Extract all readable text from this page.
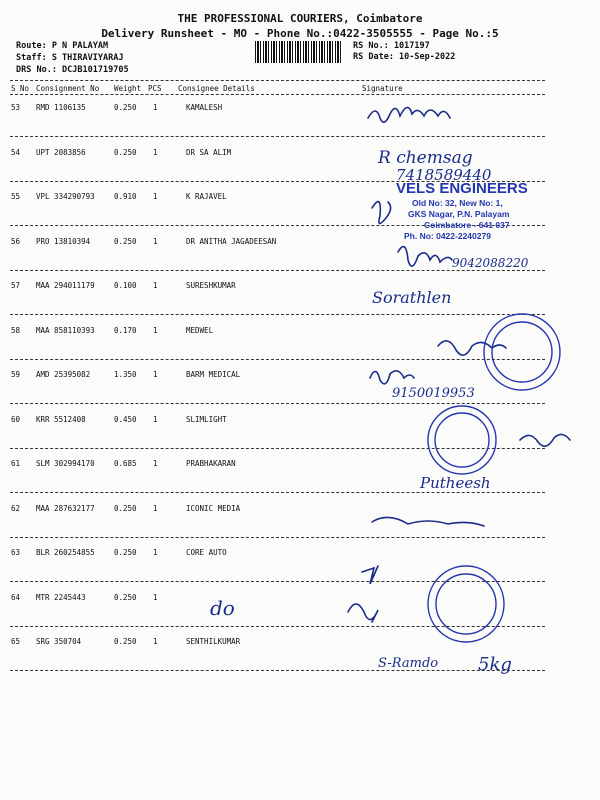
THE PROFESSIONAL COURIERS, Coimbatore
Delivery Runsheet - MO - Phone No.:0422-3505555 - Page No.:5
Route: P N PALAYAM
Staff: S THIRAVIYARAJ
DRS No.: DCJB101719705
RS No.: 1017197
RS Date: 10-Sep-2022
S No Consignment No Weight PCS Consignee Details	Signature
53 RMD 1106135	0.250 1	KAMALESH
54 UPT 2083856	0.250 1	DR SA ALIM
55 VPL 334290793	0.910 1	K RAJAVEL
56 PRO 13810394	0.250 1	DR ANITHA JAGADEESAN
57 MAA 294011179	0.100 1	SURESHKUMAR
58 MAA 858110393	0.170 1	MEDWEL
59 AMD 25395082	1.350 1	BARM MEDICAL
60 KRR 5512408	0.450 1	SLIMLIGHT
61 SLM 302994170	0.685 1	PRABHAKARAN
62 MAA 287632177	0.250 1	ICONIC MEDIA
63 BLR 260254855	0.250 1	CORE AUTO
64 MTR 2245443	0.250 1
65 SRG 350704	0.250 1	SENTHILKUMAR
R chemsag
7418589440
9042088220
Sorathlen
9150019953
Putheesh
do
S-Ramdo 5kg
VELS ENGINEERS
Old No: 32, New No: 1,
GKS Nagar, P.N. Palayam
Coimbatore - 641 037
Ph. No: 0422-2240279
